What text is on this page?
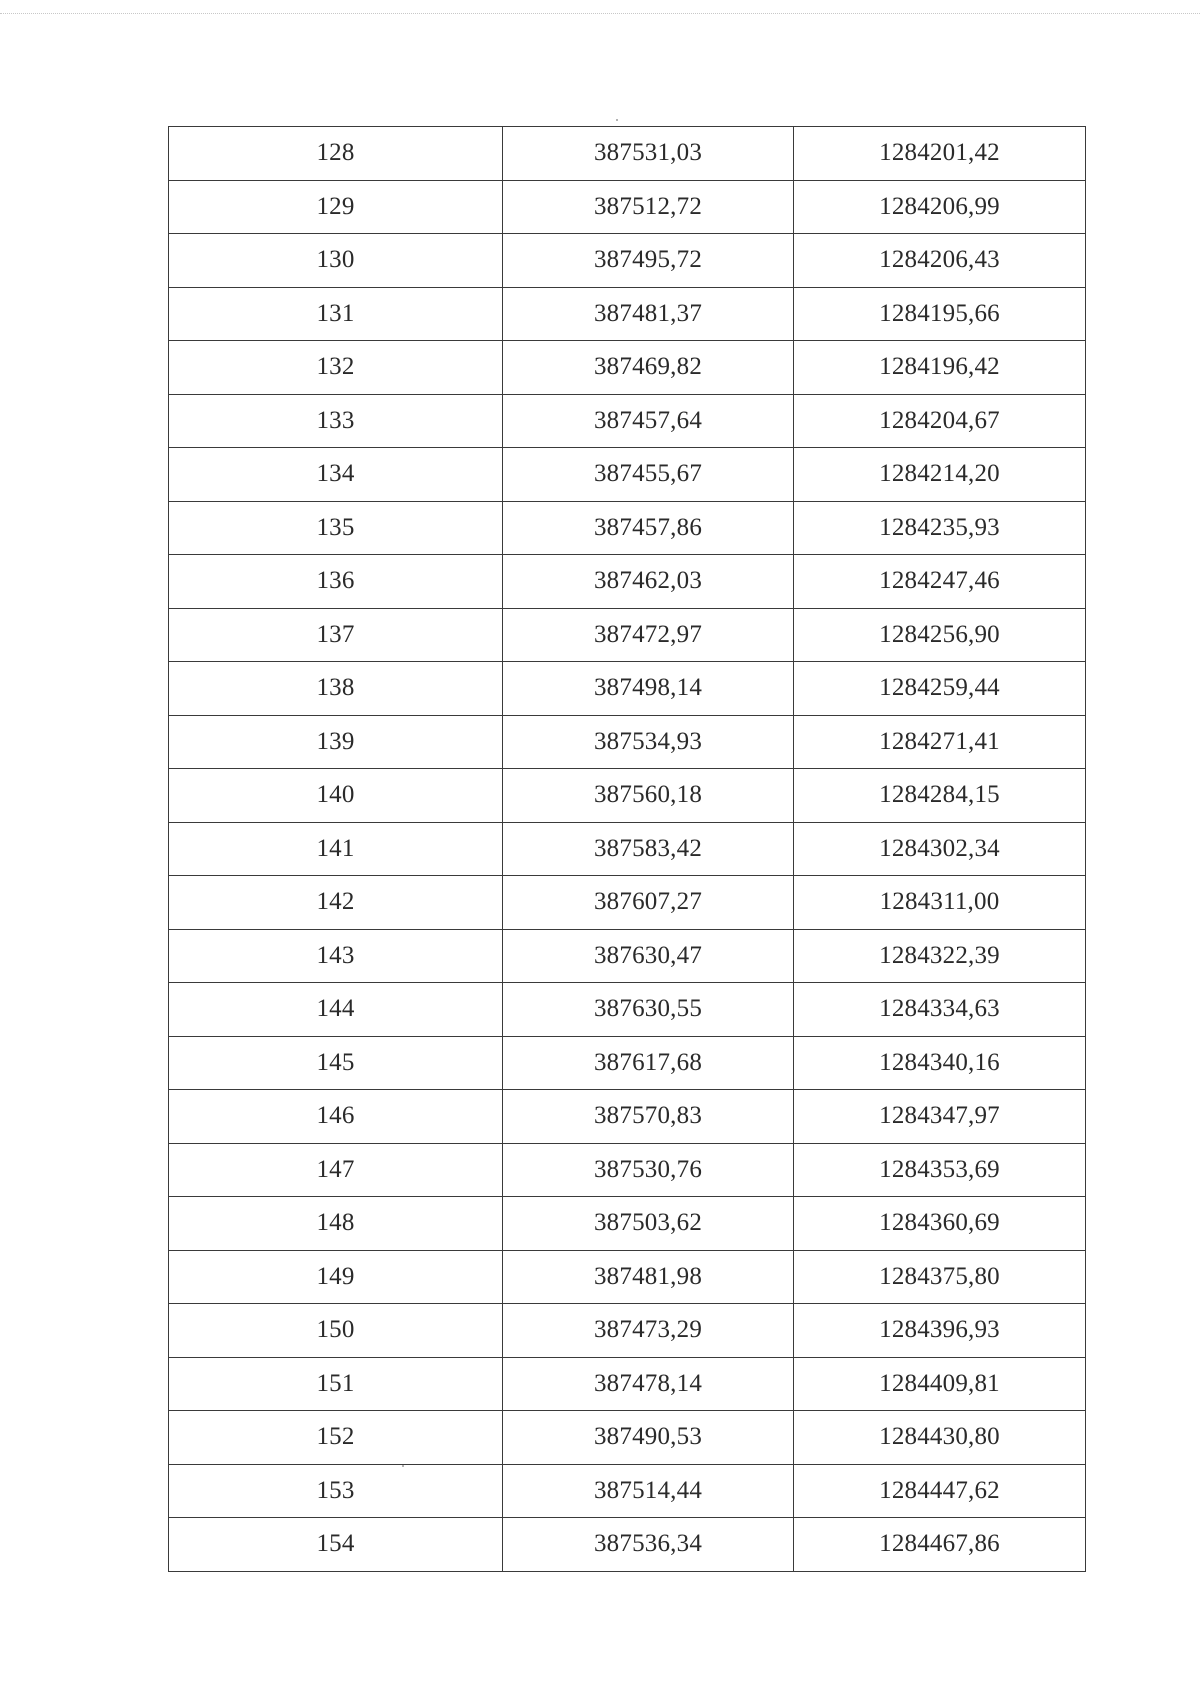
128	387531,03	1284201,42
129	387512,72	1284206,99
130	387495,72	1284206,43
131	387481,37	1284195,66
132	387469,82	1284196,42
133	387457,64	1284204,67
134	387455,67	1284214,20
135	387457,86	1284235,93
136	387462,03	1284247,46
137	387472,97	1284256,90
138	387498,14	1284259,44
139	387534,93	1284271,41
140	387560,18	1284284,15
141	387583,42	1284302,34
142	387607,27	1284311,00
143	387630,47	1284322,39
144	387630,55	1284334,63
145	387617,68	1284340,16
146	387570,83	1284347,97
147	387530,76	1284353,69
148	387503,62	1284360,69
149	387481,98	1284375,80
150	387473,29	1284396,93
151	387478,14	1284409,81
152	387490,53	1284430,80
153	387514,44	1284447,62
154	387536,34	1284467,86
